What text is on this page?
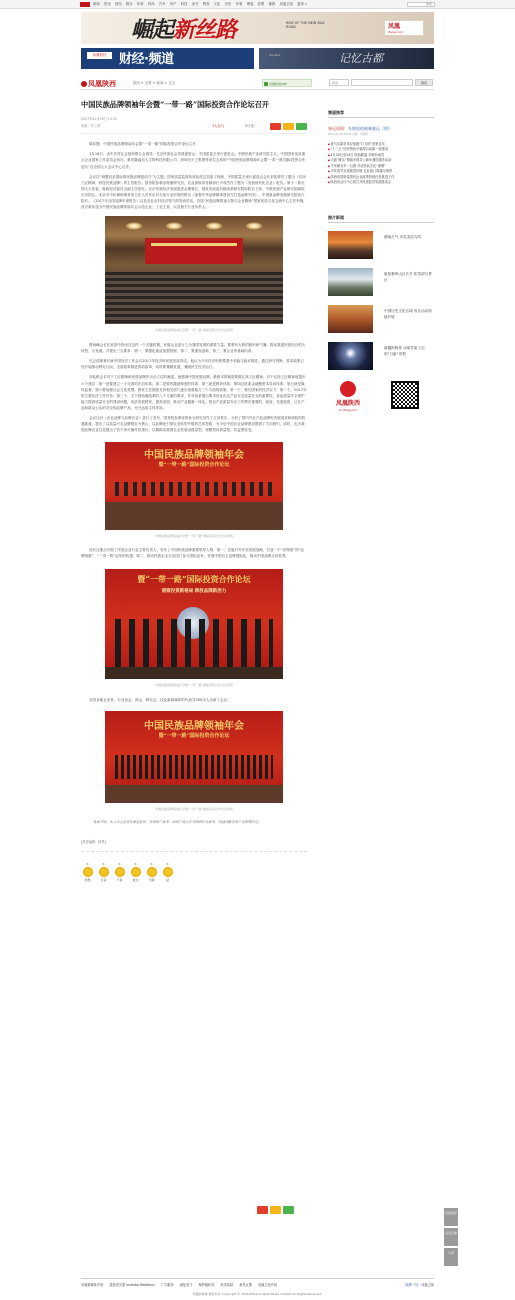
新闻 资讯 财经 娱乐 体育 时尚 汽车 房产 科技 读书 教育 文化 历史 军事 博客 彩票 佛教 凤凰卫视 更多 »	搜索
崛起新丝路	RISE OF THE NEW SILK ROAD	凤凰
ifeng.com
凤凰财经 财经·频道	Ancient	记忆古都
凤凰陕西	陕西 > 全景 > 新闻 > 正文	凤凰新闻APP	新闻	搜索
中国民族品牌领袖年会暨“一带一路”国际投资合作论坛召开
2017年01月19日 13:35
来源：华工网	1人参与	0评论

原标题：中国民族品牌领袖年会暨“一带一路”国际投资合作论坛召开

1月18日，由中共村社会组织联合会指导，北京民族社会发展促进会、中国质量万里行促进会、中联民族产业研究院主办，中国国家优质重点企业国家工作委员会协办，重庆隆福信人生物科技有限公司、深圳市天王集团等单位支持的“中国民族品牌领袖年会暨‘一带一路’国际投资合作论坛”在全国人大会议中心召开。

会议以“调整双录国标推民族品牌振动力”为主题，国家质量监督检验检疫总局原工程师、中国质量万里行促进会会长刘兆彬作了题为《弘扬工匠精神，科技民族品牌》的主旨报告。国务院参事室特邀研究员、农业部原常务副部长尹成杰作了题为《发展现代化农业》报告。第十一届全国人大常委、财政经济委员会副主任张旺，北京民族经济发展促进会理事长、国家发改委价格改革研究院原院长王育。中联民族产业研究院副院长冯国元、北京市中标律师事务所主任人员作出对当前行业形势的报告《加强中华品牌精神建设与打造品牌中国》、中国新品牌发展研究院执行院长。《2017年全国品牌年度报告》以及农业农村经济等方面发表讲话，首届“民族品牌领袖人物与企业精神”国家优质文化交流中心主任李刚，首次被评选为中国民族品牌领袖年会示范企业，工业主管，以及相关行业负责人。

中国民族品牌领袖年会暨“一带一路”国际投资合作论坛现场

贾海峰会长在致辞中指出在这样一个关键时期，民族企业更行之为我国发展的重要力量。要要有大胆的胆识和气魄，推动我国民族经济的大转型、大发展。并提出三点要求：第一，要强化素质加强管理；第二，要重视创新；第三，要企业家基础培育。

孔泾清理事长就中国经济工作会议2017年经济和民族发展讲话。他认为今年经济形势要着中求稳与稳妥推进，通过研究判断，需求政策已经开始推动利好区间，全面改革推进供给改革，同时要兼顾发展，兼顾民生经济运行。

刘兆彬会长对于工匠精神和民族品牌作出全方位的阐述。他强调中国民族品牌，最根本的就是要做弘扬工匠精神。对于弘扬工匠精神他提出六个建议：第一是要建立一个完善的法治体系；第二是要有激励制度的体系；第三就是教育体系；第四过度重金融聚资本导向体系；第五就是媒体监督，第六要加强社会文化氛围。国家主任鼓励支持相关部门逐步加强地方三个方面的政策。第一个，我们国家的经济实力；第二个，2017年的主要经济工作任务；第三个，关于供给侧改革的八个方面的要求，并对改革提出要求优化出农产品安全质量安全的重要性。食品质量安全保护能力提高质量安全的建设问题，优质发展国家，提高发展、推动产业健康一体化，把农产品质量安全工作摆在重要的，政府，先进政府，让在产品和群众公认的安全和品牌产品，充分运用主体作用。

会议还对《农业品牌与品牌农业》进行了发布，国务院参事室的孙石研究员作了主旨报告，分析了国内外农产品品牌的发展现状和面临的机遇挑战，提出了以质量兴农品牌强农为核心，以品牌化引领农业转型升级的总体思路，为今后中国农业品牌建设提供了方向指引，同时，也为我国品牌农业打造提出了若干条可操作性建议，以期推动我国农业发展由数量型、规模型向质量型、效益型转变。

中国民族品牌领袖年会
暨“一带一路”国际投资合作论坛
中国民族品牌领袖年会暨“一带一路”国际投资合作论坛现场

论坛还重点开展了民族企业行业主要负责人，发布了中国民族品牌重要领导人物，第一，实施对外开放发展战略，打造一个“世界级”的“品牌指数”，“一带一路”沿线的机遇；第二，推动民族企业走出国门参与国际竞争，发展中国自主品牌国际化，推动中国品牌走向世界。

暨“一带一路”国际投资合作论坛
洞察投资新格局 释放品牌新活力
中国民族品牌领袖年会暨“一带一路”国际投资合作论坛现场

全国各地企业家、行业协会、商会、研究会、以及新闻媒体的代表共300余人出席了会议。

中国民族品牌领袖年会
暨“一带一路”国际投资合作论坛
中国民族品牌领袖年会暨“一带一路”国际投资合作论坛现场
免责声明：本文为企业宣传商业资讯，仅供用户参考，如用户将之作为消费行为参考，凤凰网敬告用户需审慎决定。
[责任编辑：杨昊]
0
很酷
0
可爱
0
不爽
0
难过
0
无聊
0
囧
频道推荐
奉运原情：车窗里的陕味春运（图）
2017-01-19 01:23 来源：华商网
■ 青马名副各单位积极“打飞的”回家过年
■ “十三五”西安特色小镇将启动新一轮建设
■ 1月20日至24日 陕西降温 多地有雨雪
■ 天涯“雁头”渭南市领导上新年餐饮服务活动
■ 千年雁为乡一日游 开启民间文化“寒假”
■ 今年春节全省蔬菜价格 农业部门将落实保供
■ 陕西省国资委国有企业改革阶段任务推进工作
■ 陕西省会议中心将召开民营经济发展座谈会
图片新闻
渭南天气 冰雪冻住鸟鸣
航拍秦岭山区长冬 积雪部分景区
中国历史文化名城 有名活动持续开展
新疆阿勒泰 冰原雪原上空 现“日暈”奇观
凤凰陕西
sn.ifeng.com
回到顶部
意见反馈
分享
凤凰新媒体介绍 投资者关系 Investor Relations 广告服务 诚征英才 保护隐私权 免责条款 意见反馈 凤凰卫视介绍	陕网一处 · 凤凰卫视
凤凰新媒体 版权所有 Copyright © 2016 Phoenix New Media Limited All Rights Reserved.
